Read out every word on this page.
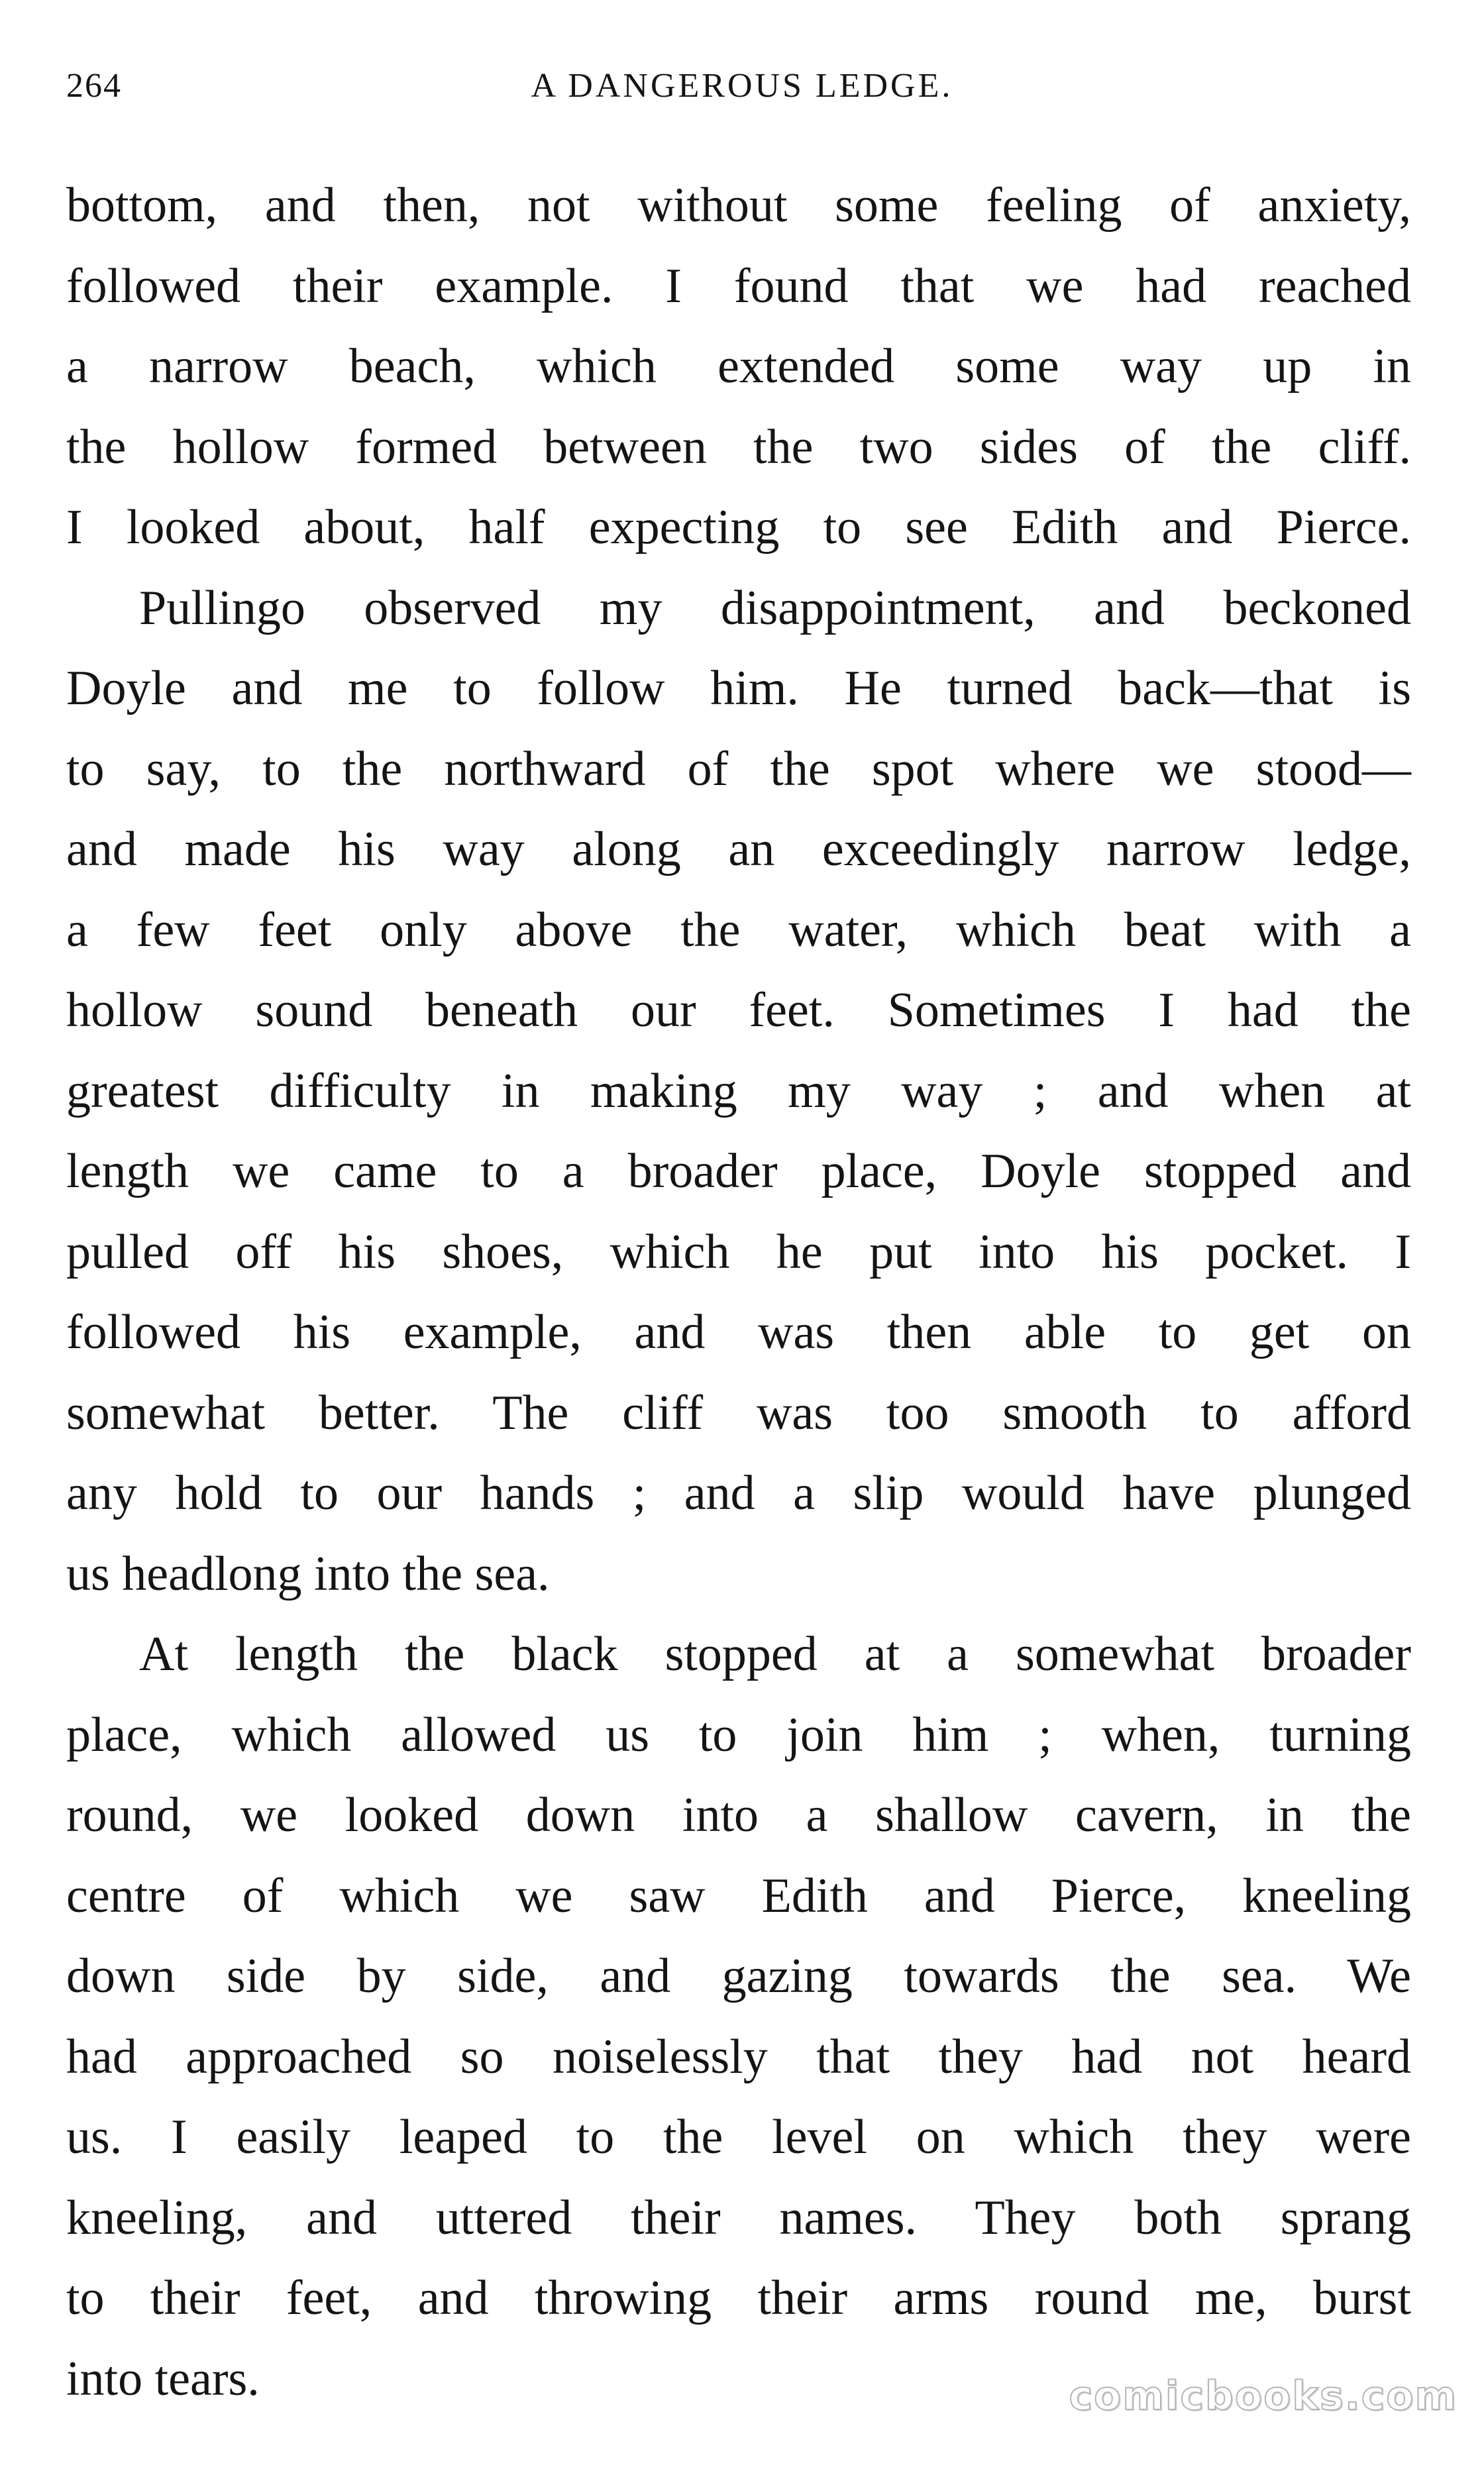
264	A DANGEROUS LEDGE.
bottom, and then, not without some feeling of anxiety,
followed their example. I found that we had reached
a narrow beach, which extended some way up in
the hollow formed between the two sides of the cliff.
I looked about, half expecting to see Edith and Pierce.
Pullingo observed my disappointment, and beckoned
Doyle and me to follow him. He turned back—that is
to say, to the northward of the spot where we stood—
and made his way along an exceedingly narrow ledge,
a few feet only above the water, which beat with a
hollow sound beneath our feet. Sometimes I had the
greatest difficulty in making my way ; and when at
length we came to a broader place, Doyle stopped and
pulled off his shoes, which he put into his pocket. I
followed his example, and was then able to get on
somewhat better. The cliff was too smooth to afford
any hold to our hands ; and a slip would have plunged
us headlong into the sea.
At length the black stopped at a somewhat broader
place, which allowed us to join him ; when, turning
round, we looked down into a shallow cavern, in the
centre of which we saw Edith and Pierce, kneeling
down side by side, and gazing towards the sea. We
had approached so noiselessly that they had not heard
us. I easily leaped to the level on which they were
kneeling, and uttered their names. They both sprang
to their feet, and throwing their arms round me, burst
into tears.	comicbooks.com
